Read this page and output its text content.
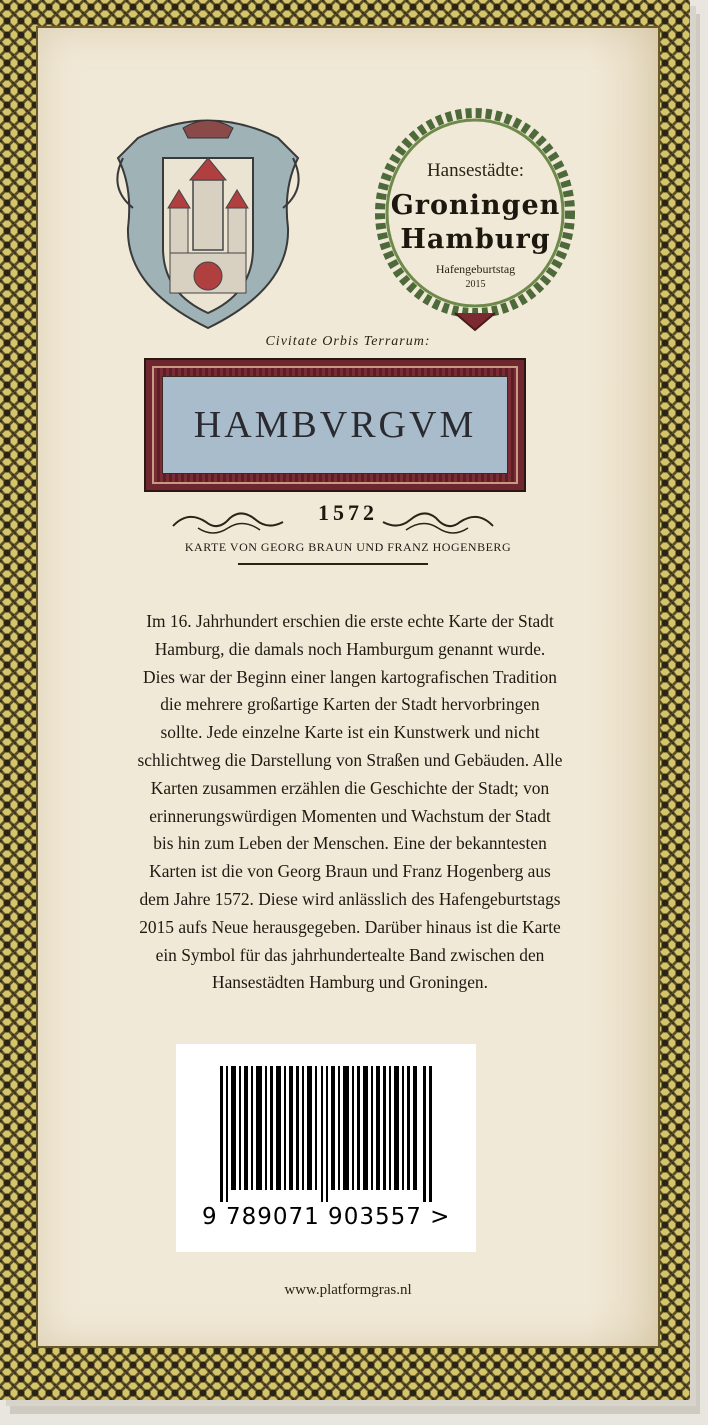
Hansestädte:
Groningen
Hamburg
Hafengeburtstag
2015
Civitate Orbis Terrarum:
HAMBVRGVM
1572
KARTE VON GEORG BRAUN UND FRANZ HOGENBERG

Im 16. Jahrhundert erschien die erste echte Karte der Stadt

Hamburg, die damals noch Hamburgum genannt wurde.

Dies war der Beginn einer langen kartografischen Tradition

die mehrere großartige Karten der Stadt hervorbringen

sollte. Jede einzelne Karte ist ein Kunstwerk und nicht

schlichtweg die Darstellung von Straßen und Gebäuden. Alle

Karten zusammen erzählen die Geschichte der Stadt; von

erinnerungswürdigen Momenten und Wachstum der Stadt

bis hin zum Leben der Menschen. Eine der bekanntesten

Karten ist die von Georg Braun und Franz Hogenberg aus

dem Jahre 1572. Diese wird anlässlich des Hafengeburtstags

2015 aufs Neue herausgegeben. Darüber hinaus ist die Karte

ein Symbol für das jahrhundertealte Band zwischen den

Hansestädten Hamburg und Groningen.

9 789071 903557 >
www.platformgras.nl
